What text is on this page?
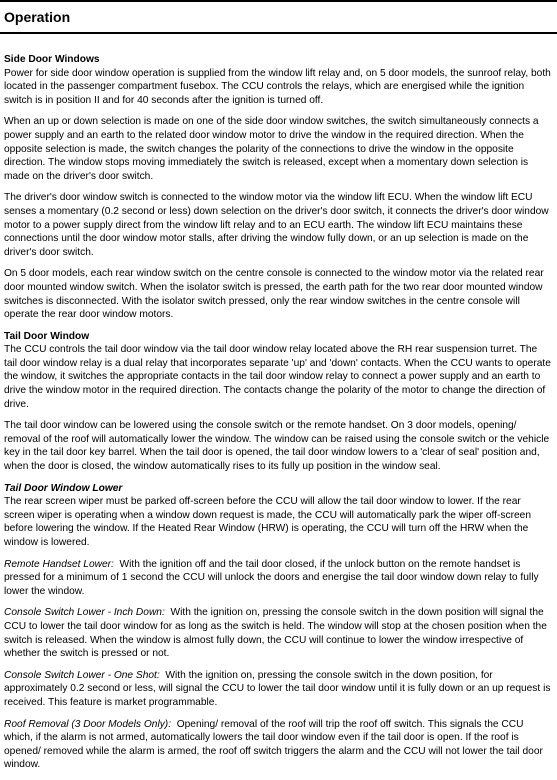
Operation
Side Door Windows

Power for side door window operation is supplied from the window lift relay and, on 5 door models, the sunroof relay, both located in the passenger compartment fusebox. The CCU controls the relays, which are energised while the ignition switch is in position II and for 40 seconds after the ignition is turned off.

When an up or down selection is made on one of the side door window switches, the switch simultaneously connects a power supply and an earth to the related door window motor to drive the window in the required direction. When the opposite selection is made, the switch changes the polarity of the connections to drive the window in the opposite direction. The window stops moving immediately the switch is released, except when a momentary down selection is made on the driver's door switch.

The driver's door window switch is connected to the window motor via the window lift ECU. When the window lift ECU senses a momentary (0.2 second or less) down selection on the driver's door switch, it connects the driver's door window motor to a power supply direct from the window lift relay and to an ECU earth. The window lift ECU maintains these connections until the door window motor stalls, after driving the window fully down, or an up selection is made on the driver's door switch.

On 5 door models, each rear window switch on the centre console is connected to the window motor via the related rear door mounted window switch. When the isolator switch is pressed, the earth path for the two rear door mounted window switches is disconnected. With the isolator switch pressed, only the rear window switches in the centre console will operate the rear door window motors.

Tail Door Window

The CCU controls the tail door window via the tail door window relay located above the RH rear suspension turret. The tail door window relay is a dual relay that incorporates separate 'up' and 'down' contacts. When the CCU wants to operate the window, it switches the appropriate contacts in the tail door window relay to connect a power supply and an earth to drive the window motor in the required direction. The contacts change the polarity of the motor to change the direction of drive.

The tail door window can be lowered using the console switch or the remote handset. On 3 door models, opening/ removal of the roof will automatically lower the window. The window can be raised using the console switch or the vehicle key in the tail door key barrel. When the tail door is opened, the tail door window lowers to a 'clear of seal' position and, when the door is closed, the window automatically rises to its fully up position in the window seal.

Tail Door Window Lower

The rear screen wiper must be parked off-screen before the CCU will allow the tail door window to lower. If the rear screen wiper is operating when a window down request is made, the CCU will automatically park the wiper off-screen before lowering the window. If the Heated Rear Window (HRW) is operating, the CCU will turn off the HRW when the window is lowered.

Remote Handset Lower: With the ignition off and the tail door closed, if the unlock button on the remote handset is pressed for a minimum of 1 second the CCU will unlock the doors and energise the tail door window down relay to fully lower the window.

Console Switch Lower - Inch Down: With the ignition on, pressing the console switch in the down position will signal the CCU to lower the tail door window for as long as the switch is held. The window will stop at the chosen position when the switch is released. When the window is almost fully down, the CCU will continue to lower the window irrespective of whether the switch is pressed or not.

Console Switch Lower - One Shot: With the ignition on, pressing the console switch in the down position, for approximately 0.2 second or less, will signal the CCU to lower the tail door window until it is fully down or an up request is received. This feature is market programmable.

Roof Removal (3 Door Models Only): Opening/ removal of the roof will trip the roof off switch. This signals the CCU which, if the alarm is not armed, automatically lowers the tail door window even if the tail door is open. If the roof is opened/ removed while the alarm is armed, the roof off switch triggers the alarm and the CCU will not lower the tail door window.
